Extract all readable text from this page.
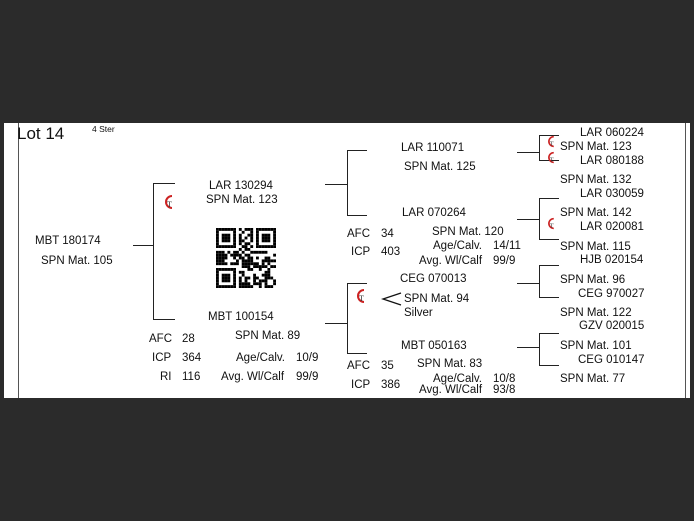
Lot 14	4 Ster
MBT 180174
SPN Mat. 105
T
LAR 130294
SPN Mat. 123
MBT 100154
SPN Mat. 89
AFC 28
ICP 364
RI 116
Age/Calv. 10/9
Avg. Wl/Calf 99/9
LAR 110071
SPN Mat. 125
LAR 070264
SPN Mat. 120
CEG 070013
T	SPN Mat. 94
Silver
MBT 050163
SPN Mat. 83
AFC 34
ICP 403	Age/Calv. 14/11
Avg. Wl/Calf 99/9
AFC 35
ICP 386	Age/Calv. 10/8
Avg. Wl/Calf 93/8
T
T
T
LAR 060224
SPN Mat. 123
LAR 080188
SPN Mat. 132
LAR 030059
SPN Mat. 142
LAR 020081
SPN Mat. 115
HJB 020154
SPN Mat. 96
CEG 970027
SPN Mat. 122
GZV 020015
SPN Mat. 101
CEG 010147
SPN Mat. 77
